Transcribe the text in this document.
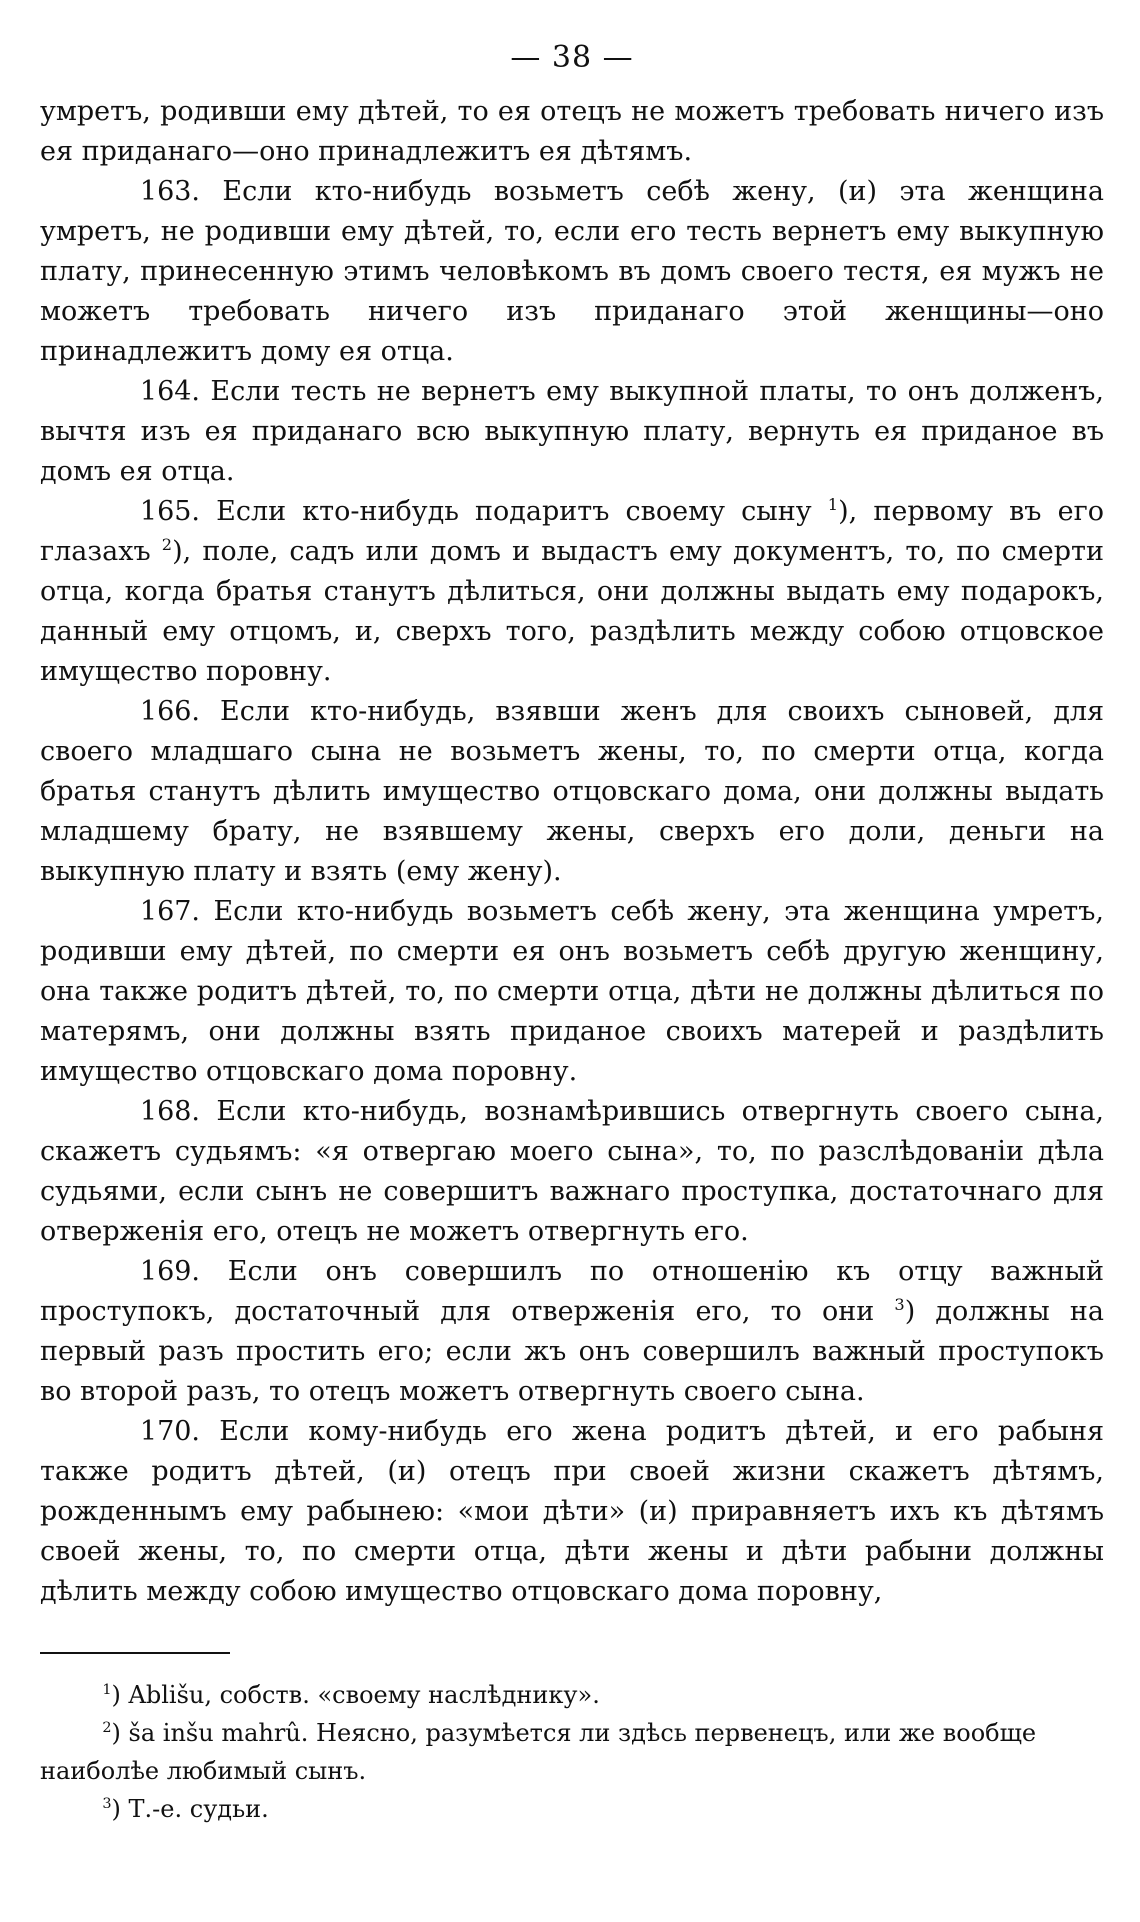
— 38 —

умретъ, родивши ему дѣтей, то ея отецъ не можетъ требовать ничего изъ ея приданаго—оно принадлежитъ ея дѣтямъ.

163. Если кто-нибудь возьметъ себѣ жену, (и) эта женщина умретъ, не родивши ему дѣтей, то, если его тесть вернетъ ему выкупную плату, принесенную этимъ человѣкомъ въ домъ своего тестя, ея мужъ не можетъ требовать ничего изъ приданаго этой женщины—оно принадлежитъ дому ея отца.

164. Если тесть не вернетъ ему выкупной платы, то онъ долженъ, вычтя изъ ея приданаго всю выкупную плату, вернуть ея приданое въ домъ ея отца.

165. Если кто-нибудь подаритъ своему сыну $^1$), первому въ его глазахъ $^2$), поле, садъ или домъ и выдастъ ему документъ, то, по смерти отца, когда братья станутъ дѣлиться, они должны выдать ему подарокъ, данный ему отцомъ, и, сверхъ того, раздѣлить между собою отцовское имущество поровну.

166. Если кто-нибудь, взявши женъ для своихъ сыновей, для своего младшаго сына не возьметъ жены, то, по смерти отца, когда братья станутъ дѣлить имущество отцовскаго дома, они должны выдать младшему брату, не взявшему жены, сверхъ его доли, деньги на выкупную плату и взять (ему жену).

167. Если кто-нибудь возьметъ себѣ жену, эта женщина умретъ, родивши ему дѣтей, по смерти ея онъ возьметъ себѣ другую женщину, она также родитъ дѣтей, то, по смерти отца, дѣти не должны дѣлиться по матерямъ, они должны взять приданое своихъ матерей и раздѣлить имущество отцовскаго дома поровну.

168. Если кто-нибудь, вознамѣрившись отвергнуть своего сына, скажетъ судьямъ: «я отвергаю моего сына», то, по разслѣдованіи дѣла судьями, если сынъ не совершитъ важнаго проступка, достаточнаго для отверженія его, отецъ не можетъ отвергнуть его.

169. Если онъ совершилъ по отношенію къ отцу важный проступокъ, достаточный для отверженія его, то они $^3$) должны на первый разъ простить его; если жъ онъ совершилъ важный проступокъ во второй разъ, то отецъ можетъ отвергнуть своего сына.

170. Если кому-нибудь его жена родитъ дѣтей, и его рабыня также родитъ дѣтей, (и) отецъ при своей жизни скажетъ дѣтямъ, рожденнымъ ему рабынею: «мои дѣти» (и) приравняетъ ихъ къ дѣтямъ своей жены, то, по смерти отца, дѣти жены и дѣти рабыни должны дѣлить между собою имущество отцовскаго дома поровну,

$^1$) Ablišu, собств. «своему наслѣднику».

$^2$) ša inšu mahrû. Неясно, разумѣется ли здѣсь первенецъ, или же вообще наиболѣе любимый сынъ.

$^3$) Т.-е. судьи.
